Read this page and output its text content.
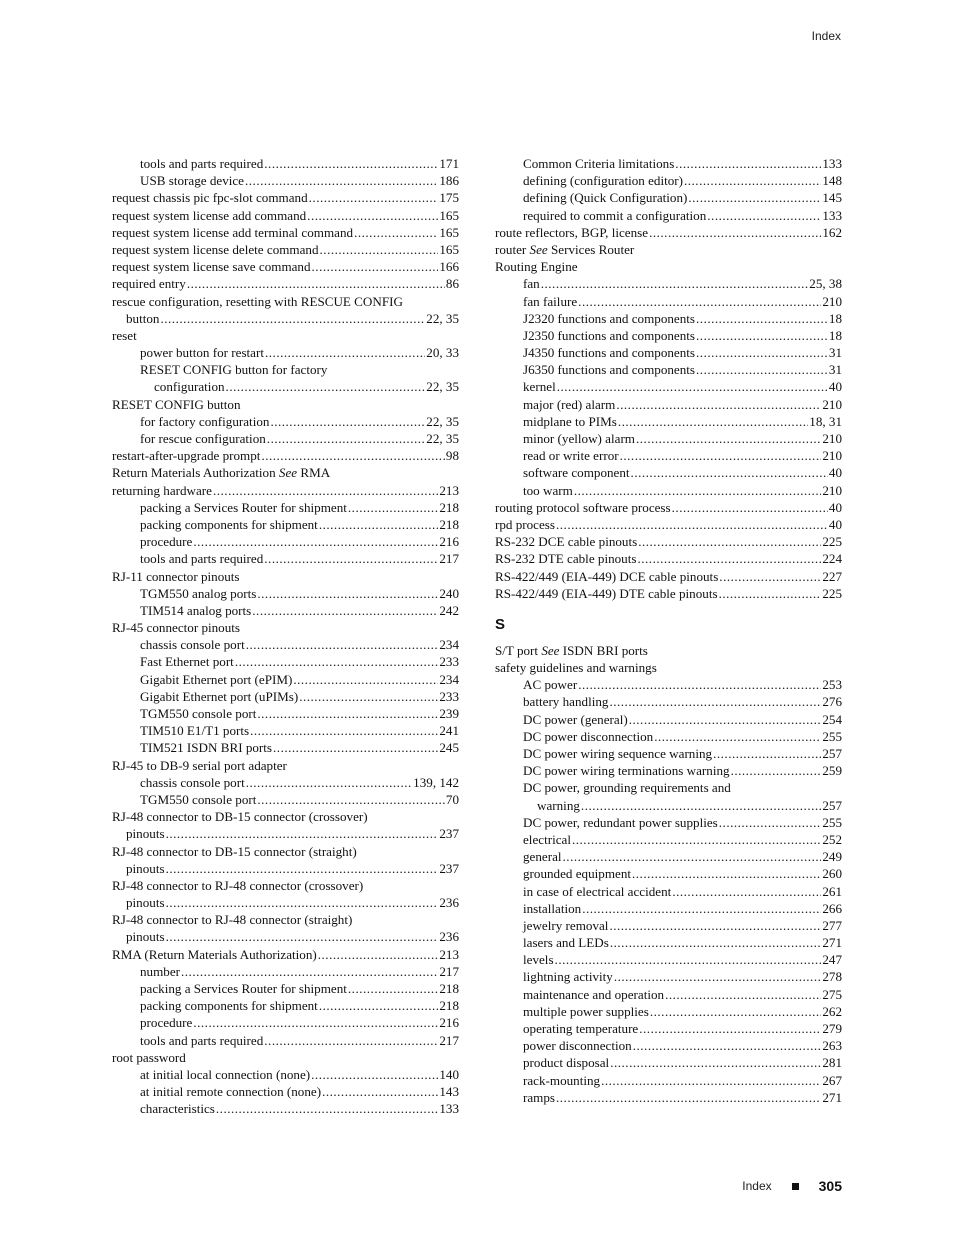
Index
tools and parts required .....	171
USB storage device .....	186
request chassis pic fpc-slot command .....	175
request system license add command .....	165
request system license add terminal command .....	165
request system license delete command .....	165
request system license save command .....	166
required entry .....	86
rescue configuration, resetting with RESCUE CONFIG
button .....	22, 35
reset
power button for restart .....	20, 33
RESET CONFIG button for factory
configuration .....	22, 35
RESET CONFIG button
for factory configuration .....	22, 35
for rescue configuration .....	22, 35
restart-after-upgrade prompt .....	98
Return Materials Authorization See RMA
returning hardware .....	213
packing a Services Router for shipment .....	218
packing components for shipment .....	218
procedure .....	216
tools and parts required .....	217
RJ-11 connector pinouts
TGM550 analog ports .....	240
TIM514 analog ports .....	242
RJ-45 connector pinouts
chassis console port .....	234
Fast Ethernet port .....	233
Gigabit Ethernet port (ePIM) .....	234
Gigabit Ethernet port (uPIMs) .....	233
TGM550 console port .....	239
TIM510 E1/T1 ports .....	241
TIM521 ISDN BRI ports .....	245
RJ-45 to DB-9 serial port adapter
chassis console port .....	139, 142
TGM550 console port .....	70
RJ-48 connector to DB-15 connector (crossover)
pinouts .....	237
RJ-48 connector to DB-15 connector (straight)
pinouts .....	237
RJ-48 connector to RJ-48 connector (crossover)
pinouts .....	236
RJ-48 connector to RJ-48 connector (straight)
pinouts .....	236
RMA (Return Materials Authorization) .....	213
number .....	217
packing a Services Router for shipment .....	218
packing components for shipment .....	218
procedure .....	216
tools and parts required .....	217
root password
at initial local connection (none) .....	140
at initial remote connection (none) .....	143
characteristics .....	133
Common Criteria limitations .....	133
defining (configuration editor) .....	148
defining (Quick Configuration) .....	145
required to commit a configuration .....	133
route reflectors, BGP, license .....	162
router See Services Router
Routing Engine
fan .....	25, 38
fan failure .....	210
J2320 functions and components .....	18
J2350 functions and components .....	18
J4350 functions and components .....	31
J6350 functions and components .....	31
kernel .....	40
major (red) alarm .....	210
midplane to PIMs .....	18, 31
minor (yellow) alarm .....	210
read or write error .....	210
software component .....	40
too warm .....	210
routing protocol software process .....	40
rpd process .....	40
RS-232 DCE cable pinouts .....	225
RS-232 DTE cable pinouts .....	224
RS-422/449 (EIA-449) DCE cable pinouts .....	227
RS-422/449 (EIA-449) DTE cable pinouts .....	225
S
S/T port See ISDN BRI ports
safety guidelines and warnings
AC power .....	253
battery handling .....	276
DC power (general) .....	254
DC power disconnection .....	255
DC power wiring sequence warning .....	257
DC power wiring terminations warning .....	259
DC power, grounding requirements and
warning .....	257
DC power, redundant power supplies .....	255
electrical .....	252
general .....	249
grounded equipment .....	260
in case of electrical accident .....	261
installation .....	266
jewelry removal .....	277
lasers and LEDs .....	271
levels .....	247
lightning activity .....	278
maintenance and operation .....	275
multiple power supplies .....	262
operating temperature .....	279
power disconnection .....	263
product disposal .....	281
rack-mounting .....	267
ramps .....	271
Index	305
